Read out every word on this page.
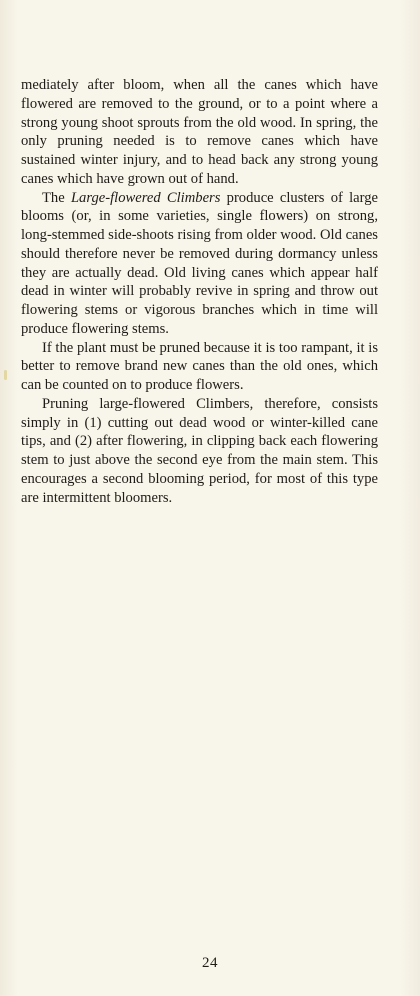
mediately after bloom, when all the canes which have flowered are removed to the ground, or to a point where a strong young shoot sprouts from the old wood. In spring, the only pruning needed is to remove canes which have sustained winter injury, and to head back any strong young canes which have grown out of hand.

The Large-flowered Climbers produce clusters of large blooms (or, in some varieties, single flowers) on strong, long-stemmed side-shoots rising from older wood. Old canes should therefore never be removed during dormancy unless they are actually dead. Old living canes which appear half dead in winter will probably revive in spring and throw out flowering stems or vigorous branches which in time will produce flowering stems.

If the plant must be pruned because it is too rampant, it is better to remove brand new canes than the old ones, which can be counted on to produce flowers.

Pruning large-flowered Climbers, therefore, consists simply in (1) cutting out dead wood or winter-killed cane tips, and (2) after flowering, in clipping back each flowering stem to just above the second eye from the main stem. This encourages a second blooming period, for most of this type are intermittent bloomers.

24
